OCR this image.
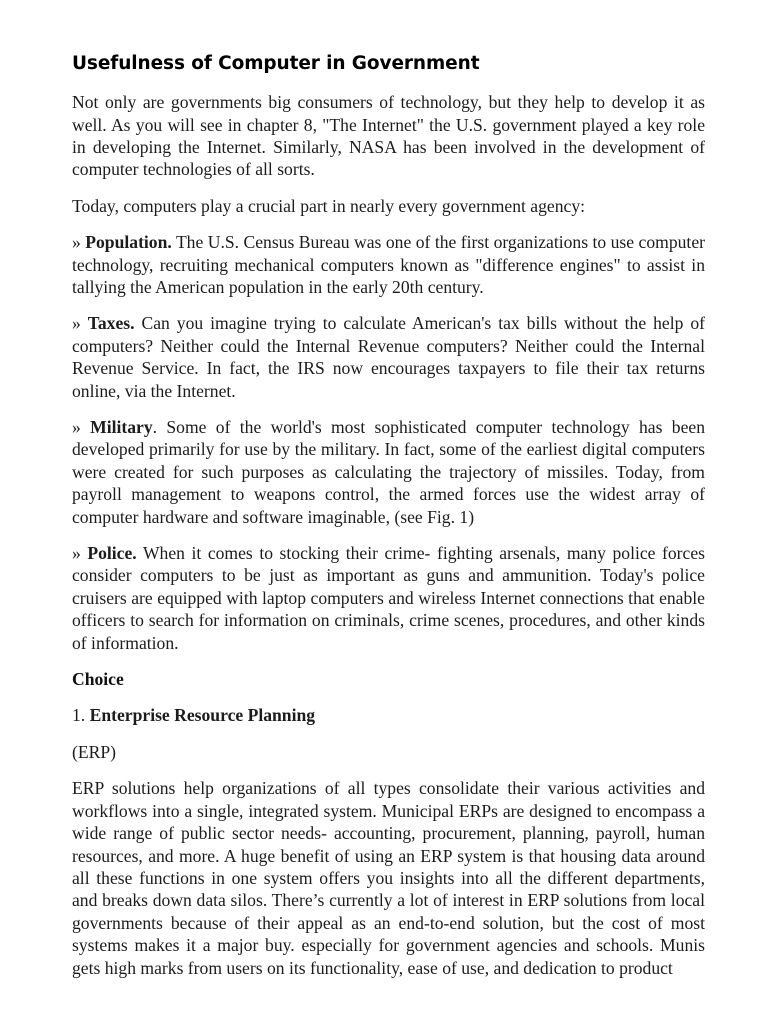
Usefulness of Computer in Government

Not only are governments big consumers of technology, but they help to develop it as well. As you will see in chapter 8, "The Internet" the U.S. government played a key role in developing the Internet. Similarly, NASA has been involved in the development of computer technologies of all sorts.

Today, computers play a crucial part in nearly every government agency:

» Population. The U.S. Census Bureau was one of the first organizations to use computer technology, recruiting mechanical computers known as "difference engines" to assist in tallying the American population in the early 20th century.

» Taxes. Can you imagine trying to calculate American's tax bills without the help of computers? Neither could the Internal Revenue computers? Neither could the Internal Revenue Service. In fact, the IRS now encourages taxpayers to file their tax returns online, via the Internet.

» Military. Some of the world's most sophisticated computer technology has been developed primarily for use by the military. In fact, some of the earliest digital computers were created for such purposes as calculating the trajectory of missiles. Today, from payroll management to weapons control, the armed forces use the widest array of computer hardware and software imaginable, (see Fig. 1)

» Police. When it comes to stocking their crime- fighting arsenals, many police forces consider computers to be just as important as guns and ammunition. Today's police cruisers are equipped with laptop computers and wireless Internet connections that enable officers to search for information on criminals, crime scenes, procedures, and other kinds of information.

Choice

1. Enterprise Resource Planning

(ERP)

ERP solutions help organizations of all types consolidate their various activities and workflows into a single, integrated system. Municipal ERPs are designed to encompass a wide range of public sector needs- accounting, procurement, planning, payroll, human resources, and more. A huge benefit of using an ERP system is that housing data around all these functions in one system offers you insights into all the different departments, and breaks down data silos. There’s currently a lot of interest in ERP solutions from local governments because of their appeal as an end-to-end solution, but the cost of most systems makes it a major buy. especially for government agencies and schools. Munis gets high marks from users on its functionality, ease of use, and dedication to product
